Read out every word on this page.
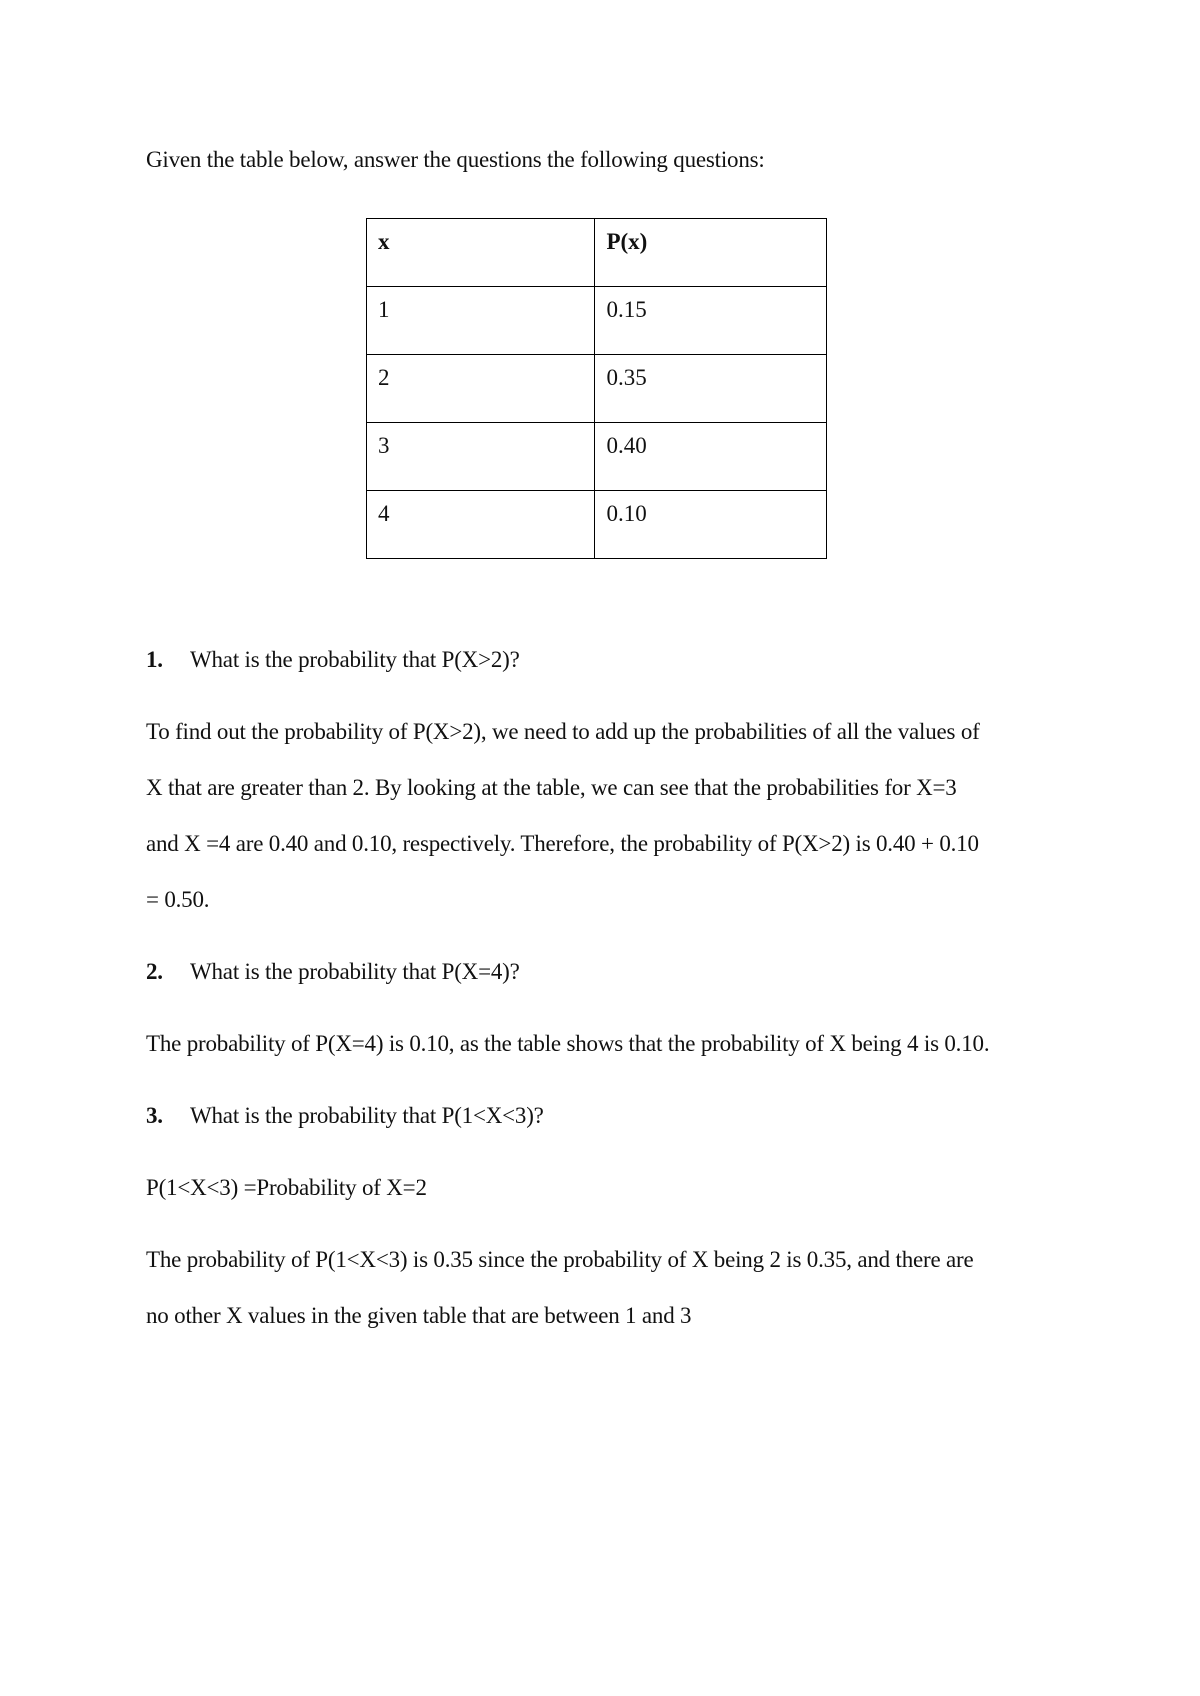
Given the table below, answer the questions the following questions:
x	P(x)
1	0.15
2	0.35
3	0.40
4	0.10
1. What is the probability that P(X>2)?
To find out the probability of P(X>2), we need to add up the probabilities of all the values of
X that are greater than 2. By looking at the table, we can see that the probabilities for X=3
and X =4 are 0.40 and 0.10, respectively. Therefore, the probability of P(X>2) is 0.40 + 0.10
= 0.50.
2. What is the probability that P(X=4)?
The probability of P(X=4) is 0.10, as the table shows that the probability of X being 4 is 0.10.
3. What is the probability that P(1<X<3)?
P(1<X<3) =Probability of X=2
The probability of P(1<X<3) is 0.35 since the probability of X being 2 is 0.35, and there are
no other X values in the given table that are between 1 and 3
